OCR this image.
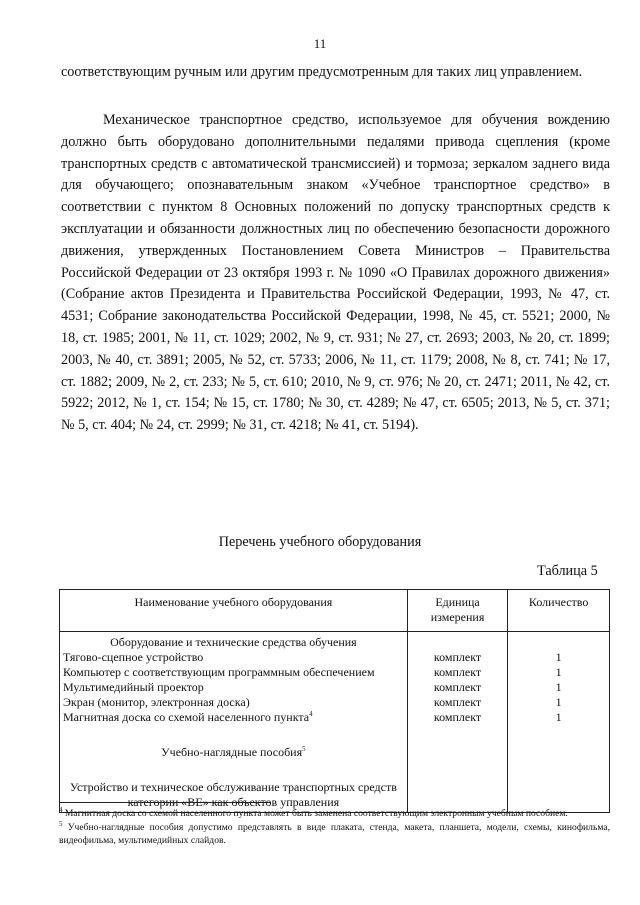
11
соответствующим ручным или другим предусмотренным для таких лиц управлением.
Механическое транспортное средство, используемое для обучения вождению должно быть оборудовано дополнительными педалями привода сцепления (кроме транспортных средств с автоматической трансмиссией) и тормоза; зеркалом заднего вида для обучающего; опознавательным знаком «Учебное транспортное средство» в соответствии с пунктом 8 Основных положений по допуску транспортных средств к эксплуатации и обязанности должностных лиц по обеспечению безопасности дорожного движения, утвержденных Постановлением Совета Министров – Правительства Российской Федерации от 23 октября 1993 г. № 1090 «О Правилах дорожного движения» (Собрание актов Президента и Правительства Российской Федерации, 1993, № 47, ст. 4531; Собрание законодательства Российской Федерации, 1998, № 45, ст. 5521; 2000, № 18, ст. 1985; 2001, № 11, ст. 1029; 2002, № 9, ст. 931; № 27, ст. 2693; 2003, № 20, ст. 1899; 2003, № 40, ст. 3891; 2005, № 52, ст. 5733; 2006, № 11, ст. 1179; 2008, № 8, ст. 741; № 17, ст. 1882; 2009, № 2, ст. 233; № 5, ст. 610; 2010, № 9, ст. 976; № 20, ст. 2471; 2011, № 42, ст. 5922; 2012, № 1, ст. 154; № 15, ст. 1780; № 30, ст. 4289; № 47, ст. 6505; 2013, № 5, ст. 371; № 5, ст. 404; № 24, ст. 2999; № 31, ст. 4218; № 41, ст. 5194).
Перечень учебного оборудования
Таблица 5
Наименование учебного оборудования	Единица измерения	Количество
Оборудование и технические средства обучения		
Тягово-сцепное устройство	комплект	1
Компьютер с соответствующим программным обеспечением	комплект	1
Мультимедийный проектор	комплект	1
Экран (монитор, электронная доска)	комплект	1
Магнитная доска со схемой населенного пункта$^4$	комплект	1
Учебно-наглядные пособия$^5$		
Устройство и техническое обслуживание транспортных средств категории «BE» как объектов управления		

$^4$ Магнитная доска со схемой населенного пункта может быть заменена соответствующим электронным учебным пособием.

$^5$ Учебно-наглядные пособия допустимо представлять в виде плаката, стенда, макета, планшета, модели, схемы, кинофильма, видеофильма, мультимедийных слайдов.
